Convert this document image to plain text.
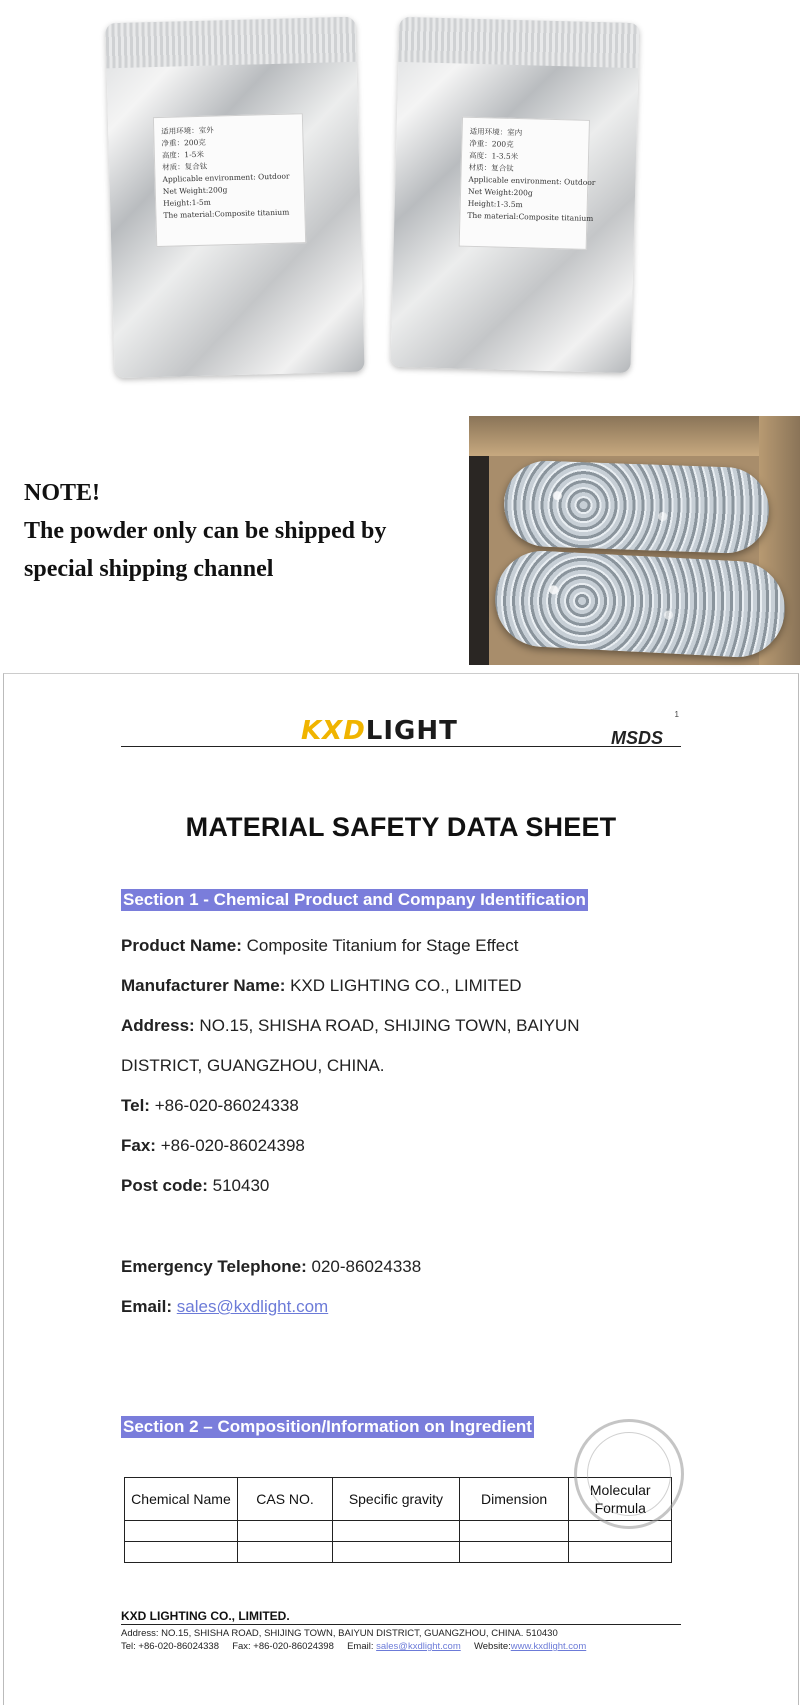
适用环境：室外
净重：200克
高度：1-5米
材质：复合钛
Applicable environment: Outdoor
Net Weight:200g
Height:1-5m
The material:Composite titanium
适用环境：室内
净重：200克
高度：1-3.5米
材质：复合钛
Applicable environment: Outdoor
Net Weight:200g
Height:1-3.5m
The material:Composite titanium
NOTE!
The powder only can be shipped by
special shipping channel
KXDLIGHT	MSDS
1
MATERIAL SAFETY DATA SHEET
Section 1 - Chemical Product and Company Identification
Product Name: Composite Titanium for Stage Effect
Manufacturer Name: KXD LIGHTING CO., LIMITED
Address: NO.15, SHISHA ROAD, SHIJING TOWN, BAIYUN
DISTRICT, GUANGZHOU, CHINA.
Tel: +86-020-86024338
Fax: +86-020-86024398
Post code: 510430
Emergency Telephone: 020-86024338
Email: sales@kxdlight.com
Section 2 – Composition/Information on Ingredient
Chemical Name	CAS NO.	Specific gravity	Dimension	Molecular Formula

KXD LIGHTING CO., LIMITED.
Address: NO.15, SHISHA ROAD, SHIJING TOWN, BAIYUN DISTRICT, GUANGZHOU, CHINA. 510430
Tel: +86-020-86024338 Fax: +86-020-86024398 Email: sales@kxdlight.com Website:www.kxdlight.com
